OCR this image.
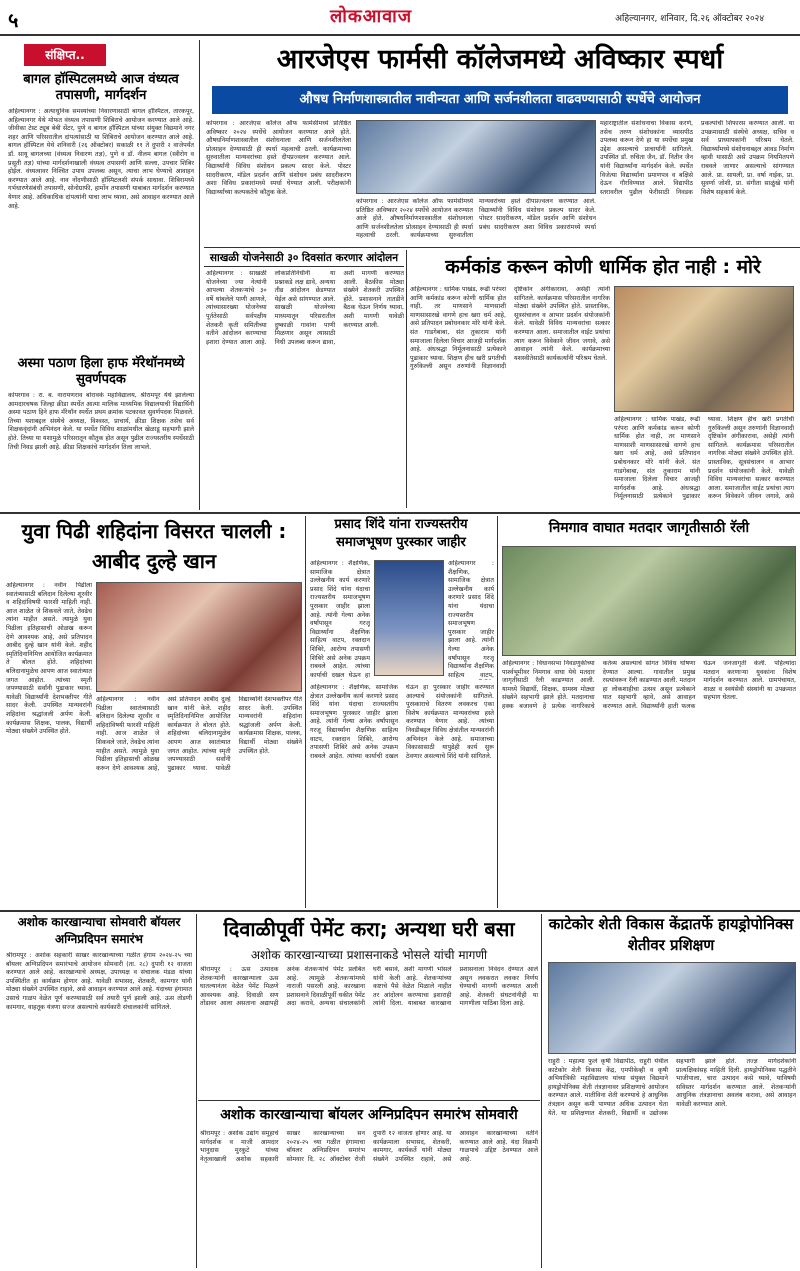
५	लोकआवाज	अहिल्यानगर, शनिवार, दि.२६ ऑक्टोबर २०२४
संक्षिप्त..
बागल हॉस्पिटलमध्ये आज वंध्यत्व तपासणी, मार्गदर्शन
अहिल्यानगर : अत्याधुनिक समस्यांच्या निवारणासाठी बागल हॉस्पिटल, तारकपूर, अहिल्यानगर येथे मोफत वंध्यत्व तपासणी शिबिराचे आयोजन करण्यात आले आहे. जीवीका टेस्ट ट्यूब बेबी सेंटर, पुणे व बागल हॉस्पिटल यांच्या संयुक्त विद्यमाने नगर शहर आणि परिसरातील दांपत्यांसाठी या शिबिराचे आयोजन करण्यात आले आहे. बागल हॉस्पिटल येथे शनिवारी (२६ ऑक्टोबर) सकाळी ११ ते दुपारी २ वाजेपर्यंत डॉ. सायू बागलच्या (वंध्यत्व निवारण तज्ञ), पुणे व डॉ. नीलम बागल (स्त्रीरोग व प्रसूती तज्ञ) यांच्या मार्गदर्शनाखाली वंध्यत्व तपासणी आणि सल्ला, उपचार शिबिर होईल. वंध्यत्वावर निश्चित उपाय उपलब्ध असून, त्याचा लाभ घेण्याचे आवाहन करण्यात आले आहे. नाव नोंदणीसाठी हॉस्पिटलशी संपर्क साधावा. शिबिरामध्ये गर्भधारणेसंबंधी तपासणी, सोनोग्राफी, हार्मोन तपासणी याबाबत मार्गदर्शन करण्यात येणार आहे. अधिकाधिक दांपत्यांनी याचा लाभ घ्यावा, असे आवाहन करण्यात आले आहे.
अस्मा पठाण हिला हाफ मॅरेथॉनमध्ये सुवर्णपदक
कोपरगाव : रा. ब. नारायणराव बोरावके महाविद्यालय, श्रीरामपूर येथे झालेल्या आमदारचषक जिल्हा क्रीडा स्पर्धेत आत्मा मालिक माध्यमिक विद्यालयाची विद्यार्थिनी अस्मा पठाण हिने हाफ मॅरेथॉन स्पर्धेत प्रथम क्रमांक पटकावत सुवर्णपदक मिळवले. तिच्या यशाबद्दल संस्थेचे अध्यक्ष, विश्वस्त, प्राचार्य, क्रीडा शिक्षक तसेच सर्व शिक्षकवृंदांनी अभिनंदन केले. या स्पर्धेत विविध शाळांमधील खेळाडू सहभागी झाले होते. तिच्या या यशामुळे परिसरातून कौतुक होत असून पुढील राज्यस्तरीय स्पर्धेसाठी तिची निवड झाली आहे. क्रीडा शिक्षकांचे मार्गदर्शन तिला लाभले.
आरजेएस फार्मसी कॉलेजमध्ये अविष्कार स्पर्धा
औषध निर्माणशास्त्रातील नावीन्यता आणि सर्जनशीलता वाढवण्यासाठी स्पर्धेचे आयोजन
कोपरगाव : आरजेएस कॉलेज ऑफ फार्मसीमध्ये प्रतिष्ठित अविष्कार २०२४ स्पर्धेचे आयोजन करण्यात आले होते. औषधनिर्माणशास्त्रातील संशोधनाला आणि सर्जनशीलतेला प्रोत्साहन देण्यासाठी ही स्पर्धा महत्वाची ठरली. कार्यक्रमाच्या सुरुवातीला मान्यवरांच्या हस्ते दीपप्रज्वलन करण्यात आले. विद्यार्थ्यांनी विविध संशोधन प्रकल्प सादर केले. पोस्टर सादरीकरण, मॉडेल प्रदर्शन आणि संशोधन प्रबंध सादरीकरण अशा विविध प्रकारांमध्ये स्पर्धा घेण्यात आली. परीक्षकांनी विद्यार्थ्यांच्या कल्पकतेचे कौतुक केले.
कोपरगाव : आरजेएस कॉलेज ऑफ फार्मसीमध्ये प्रतिष्ठित अविष्कार २०२४ स्पर्धेचे आयोजन करण्यात आले होते. औषधनिर्माणशास्त्रातील संशोधनाला आणि सर्जनशीलतेला प्रोत्साहन देण्यासाठी ही स्पर्धा महत्वाची ठरली. कार्यक्रमाच्या सुरुवातीला मान्यवरांच्या हस्ते दीपप्रज्वलन करण्यात आले. विद्यार्थ्यांनी विविध संशोधन प्रकल्प सादर केले. पोस्टर सादरीकरण, मॉडेल प्रदर्शन आणि संशोधन प्रबंध सादरीकरण अशा विविध प्रकारांमध्ये स्पर्धा
महाराष्ट्रातील संशोधनाचा विकास करणे, तसेच तरुण संशोधकांना व्यासपीठ उपलब्ध करून देणे हा या स्पर्धेचा प्रमुख उद्देश असल्याचे प्राचार्यांनी सांगितले. उपस्थित डॉ. रुचिता जैन, डॉ. नितीन जैन यांनी विद्यार्थ्यांना मार्गदर्शन केले. स्पर्धेत विजेत्या विद्यार्थ्यांना प्रमाणपत्र व बक्षिसे देऊन गौरविण्यात आले. विद्यापीठ स्तरावरील पुढील फेरीसाठी निवडक प्रकल्पांची शिफारस करण्यात आली. या उपक्रमासाठी संस्थेचे अध्यक्ष, सचिव व सर्व प्राध्यापकांनी परिश्रम घेतले. विद्यार्थ्यांमध्ये संशोधनाबद्दल आवड निर्माण व्हावी यासाठी असे उपक्रम नियमितपणे राबवले जाणार असल्याचे सांगण्यात आले. प्रा. सायली, प्रा. वर्षा नाईक, प्रा. सुवर्णा जोशी, प्रा. संगीता साळुंखे यांनी विशेष सहकार्य केले.
साखळी योजनेसाठी ३० दिवसांत करणार आंदोलन
अहिल्यानगर : साखळी योजनेच्या ज्या नेत्यांनी आपल्या शेतकऱ्यांचे ३० वर्षे थांबलेले पाणी आणले, त्यांच्यासारख्या योजनेच्या पूर्ततेसाठी सर्वपक्षीय शेतकरी कृती समितीच्या वतीने आंदोलन करण्याचा इशारा देण्यात आला आहे. लोकप्रतिनिधींनी या प्रश्नाकडे लक्ष द्यावे, अन्यथा तीव्र आंदोलन छेडण्यात येईल असे सांगण्यात आले. साखळी योजनेच्या माध्यमातून परिसरातील दुष्काळी गावांना पाणी मिळणार असून त्यासाठी निधी उपलब्ध करून द्यावा, अशी मागणी करण्यात आली. बैठकीस मोठ्या संख्येने शेतकरी उपस्थित होते. प्रशासनाने तातडीने बैठक घेऊन निर्णय घ्यावा, अशी मागणी यावेळी करण्यात आली.
कर्मकांड करून कोणी धार्मिक होत नाही : मोरे
अहिल्यानगर : धार्मिक पाखंड, रूढी परंपरा आणि कर्मकांड करून कोणी धार्मिक होत नाही, तर माणसाने माणसाशी माणसासारखे वागणे हाच खरा धर्म आहे, असे प्रतिपादन प्रबोधनकार मोरे यांनी केले. संत गाडगेबाबा, संत तुकाराम यांनी समाजाला दिलेला विचार आजही मार्गदर्शक आहे. अंधश्रद्धा निर्मूलनासाठी प्रत्येकाने पुढाकार घ्यावा. शिक्षण हीच खरी प्रगतीची गुरुकिल्ली असून तरुणांनी विज्ञानवादी दृष्टिकोन अंगीकारावा, असेही त्यांनी सांगितले. कार्यक्रमास परिसरातील नागरिक मोठ्या संख्येने उपस्थित होते. प्रास्ताविक, सूत्रसंचालन व आभार प्रदर्शन संयोजकांनी केले. यावेळी विविध मान्यवरांचा सत्कार करण्यात आला. समाजातील वाईट प्रथांचा त्याग करून विवेकाने जीवन जगावे, असे आवाहन त्यांनी केले. कार्यक्रमाच्या यशस्वीतेसाठी कार्यकर्त्यांनी परिश्रम घेतले.
अहिल्यानगर : धार्मिक पाखंड, रूढी परंपरा आणि कर्मकांड करून कोणी धार्मिक होत नाही, तर माणसाने माणसाशी माणसासारखे वागणे हाच खरा धर्म आहे, असे प्रतिपादन प्रबोधनकार मोरे यांनी केले. संत गाडगेबाबा, संत तुकाराम यांनी समाजाला दिलेला विचार आजही मार्गदर्शक आहे. अंधश्रद्धा निर्मूलनासाठी प्रत्येकाने पुढाकार घ्यावा. शिक्षण हीच खरी प्रगतीची गुरुकिल्ली असून तरुणांनी विज्ञानवादी दृष्टिकोन अंगीकारावा, असेही त्यांनी सांगितले. कार्यक्रमास परिसरातील नागरिक मोठ्या संख्येने उपस्थित होते. प्रास्ताविक, सूत्रसंचालन व आभार प्रदर्शन संयोजकांनी केले. यावेळी विविध मान्यवरांचा सत्कार करण्यात आला. समाजातील वाईट प्रथांचा त्याग करून विवेकाने जीवन जगावे, असे
युवा पिढी शहिदांना विसरत चालली : आबीद दुल्हे खान
अहिल्यानगर : नवीन पिढीला स्वातंत्र्यासाठी बलिदान दिलेल्या शूरवीर व शहिदांविषयी फारशी माहिती नाही. आज शाळेत जे शिकवले जाते, तेवढेच त्यांना माहीत असते. त्यामुळे युवा पिढीला इतिहासाची ओळख करून देणे आवश्यक आहे, असे प्रतिपादन आबीद दुल्हे खान यांनी केले. शहीद स्मृतिदिनानिमित्त आयोजित कार्यक्रमात ते बोलत होते. शहिदांच्या बलिदानामुळेच आपण आज स्वातंत्र्यात जगत आहोत. त्यांच्या स्मृती जपण्यासाठी सर्वांनी पुढाकार घ्यावा. यावेळी विद्यार्थ्यांनी देशभक्तीपर गीते सादर केली. उपस्थित मान्यवरांनी शहिदांना श्रद्धांजली अर्पण केली. कार्यक्रमास शिक्षक, पालक, विद्यार्थी मोठ्या संख्येने उपस्थित होते.
अहिल्यानगर : नवीन पिढीला स्वातंत्र्यासाठी बलिदान दिलेल्या शूरवीर व शहिदांविषयी फारशी माहिती नाही. आज शाळेत जे शिकवले जाते, तेवढेच त्यांना माहीत असते. त्यामुळे युवा पिढीला इतिहासाची ओळख करून देणे आवश्यक आहे, असे प्रतिपादन आबीद दुल्हे खान यांनी केले. शहीद स्मृतिदिनानिमित्त आयोजित कार्यक्रमात ते बोलत होते. शहिदांच्या बलिदानामुळेच आपण आज स्वातंत्र्यात जगत आहोत. त्यांच्या स्मृती जपण्यासाठी सर्वांनी पुढाकार घ्यावा. यावेळी विद्यार्थ्यांनी देशभक्तीपर गीते सादर केली. उपस्थित मान्यवरांनी शहिदांना श्रद्धांजली अर्पण केली. कार्यक्रमास शिक्षक, पालक, विद्यार्थी मोठ्या संख्येने उपस्थित होते.
प्रसाद शिंदे यांना राज्यस्तरीय समाजभूषण पुरस्कार जाहीर
अहिल्यानगर : शैक्षणिक, सामाजिक क्षेत्रात उल्लेखनीय कार्य करणारे प्रसाद शिंदे यांना यंदाचा राज्यस्तरीय समाजभूषण पुरस्कार जाहीर झाला आहे. त्यांनी गेल्या अनेक वर्षांपासून गरजू विद्यार्थ्यांना शैक्षणिक साहित्य वाटप, रक्तदान शिबिरे, आरोग्य तपासणी शिबिरे असे अनेक उपक्रम राबवले आहेत. त्यांच्या कार्याची दखल घेऊन हा
अहिल्यानगर : शैक्षणिक, सामाजिक क्षेत्रात उल्लेखनीय कार्य करणारे प्रसाद शिंदे यांना यंदाचा राज्यस्तरीय समाजभूषण पुरस्कार जाहीर झाला आहे. त्यांनी गेल्या अनेक वर्षांपासून गरजू विद्यार्थ्यांना शैक्षणिक साहित्य वाटप,
अहिल्यानगर : शैक्षणिक, सामाजिक क्षेत्रात उल्लेखनीय कार्य करणारे प्रसाद शिंदे यांना यंदाचा राज्यस्तरीय समाजभूषण पुरस्कार जाहीर झाला आहे. त्यांनी गेल्या अनेक वर्षांपासून गरजू विद्यार्थ्यांना शैक्षणिक साहित्य वाटप, रक्तदान शिबिरे, आरोग्य तपासणी शिबिरे असे अनेक उपक्रम राबवले आहेत. त्यांच्या कार्याची दखल घेऊन हा पुरस्कार जाहीर करण्यात आल्याचे संयोजकांनी सांगितले. पुरस्काराचे वितरण लवकरच एका विशेष कार्यक्रमात मान्यवरांच्या हस्ते करण्यात येणार आहे. त्यांच्या निवडीबद्दल विविध क्षेत्रांतील मान्यवरांनी अभिनंदन केले आहे. समाजाच्या विकासासाठी यापुढेही कार्य सुरू ठेवणार असल्याचे शिंदे यांनी सांगितले.
निमगाव वाघात मतदार जागृतीसाठी रॅली
अहिल्यानगर : विधानसभा निवडणुकीच्या पार्श्वभूमीवर निमगाव वाघा येथे मतदार जागृतीसाठी रॅली काढण्यात आली. यामध्ये विद्यार्थी, शिक्षक, ग्रामस्थ मोठ्या संख्येने सहभागी झाले होते. मतदानाचा हक्क बजावणे हे प्रत्येक नागरिकाचे कर्तव्य असल्याचे सांगत विविध घोषणा देण्यात आल्या. गावातील प्रमुख रस्त्यांवरून रॅली काढण्यात आली. मतदान हा लोकशाहीचा उत्सव असून प्रत्येकाने यात सहभागी व्हावे, असे आवाहन करण्यात आले. विद्यार्थ्यांनी हाती फलक घेऊन जनजागृती केली. पहिल्यांदा मतदान करणाऱ्या युवकांना विशेष मार्गदर्शन करण्यात आले. ग्रामपंचायत, शाळा व स्वयंसेवी संस्थांनी या उपक्रमात सहभाग घेतला.
अशोक कारखान्याचा सोमवारी बॉयलर अग्निप्रदिपन समारंभ
श्रीरामपूर : अशोक सहकारी साखर कारखान्याच्या गळीत हंगाम २०२४-२५ च्या बॉयलर अग्निप्रदिपन समारंभाचे आयोजन सोमवारी (ता. २८) दुपारी १२ वाजता करण्यात आले आहे. कारखान्याचे अध्यक्ष, उपाध्यक्ष व संचालक मंडळ यांच्या उपस्थितीत हा कार्यक्रम होणार आहे. यावेळी सभासद, शेतकरी, कामगार यांनी मोठ्या संख्येने उपस्थित राहावे, असे आवाहन करण्यात आले आहे. यंदाच्या हंगामात उसाचे गाळप वेळेत पूर्ण करण्यासाठी सर्व तयारी पूर्ण झाली आहे. ऊस तोडणी कामगार, वाहतूक यंत्रणा सज्ज असल्याचे कार्यकारी संचालकांनी सांगितले.
दिवाळीपूर्वी पेमेंट करा; अन्यथा घरी बसा
अशोक कारखान्याच्या प्रशासनाकडे भोसले यांची मागणी
श्रीरामपूर : ऊस उत्पादक शेतकऱ्यांनी कारखान्याला ऊस घातल्यानंतर वेळेत पेमेंट मिळणे आवश्यक आहे. दिवाळी सण तोंडावर आला असताना अद्यापही अनेक शेतकऱ्यांचे पेमेंट प्रलंबित आहे. त्यामुळे शेतकऱ्यांमध्ये नाराजी पसरली आहे. कारखाना प्रशासनाने दिवाळीपूर्वी थकीत पेमेंट अदा करावे, अन्यथा संचालकांनी घरी बसावे, अशी मागणी भोसले यांनी केली आहे. शेतकऱ्यांच्या कष्टाचे पैसे वेळेत मिळाले नाहीत तर आंदोलन करण्याचा इशाराही त्यांनी दिला. याबाबत कारखाना प्रशासनाला निवेदन देण्यात आले असून लवकरात लवकर निर्णय घेण्याची मागणी करण्यात आली आहे. शेतकरी संघटनांनीही या मागणीला पाठिंबा दिला आहे.
अशोक कारखान्याचा बॉयलर अग्निप्रदिपन समारंभ सोमवारी
श्रीरामपूर : अशोक उद्योग समूहाचे मार्गदर्शक व माजी आमदार भानुदास मुरकुटे यांच्या नेतृत्वाखाली अशोक सहकारी साखर कारखान्याच्या सन २०२४-२५ च्या गळीत हंगामाचा बॉयलर अग्निप्रदिपन समारंभ सोमवार दि. २८ ऑक्टोबर रोजी दुपारी १२ वाजता होणार आहे. या कार्यक्रमाला सभासद, शेतकरी, कामगार, कार्यकर्ते यांनी मोठ्या संख्येने उपस्थित राहावे, असे आवाहन कारखान्याच्या वतीने करण्यात आले आहे. यंदा विक्रमी गाळपाचे उद्दिष्ट ठेवण्यात आले आहे.
काटेकोर शेती विकास केंद्रातर्फे हायड्रोपोनिक्स शेतीवर प्रशिक्षण
राहुरी : महात्मा फुले कृषी विद्यापीठ, राहुरी येथील काटेकोर शेती विकास केंद्र, एमपीकेव्ही व कृषी अभियांत्रिकी महाविद्यालय यांच्या संयुक्त विद्यमाने हायड्रोपोनिक्स शेती तंत्रज्ञानावर प्रशिक्षणाचे आयोजन करण्यात आले. मातीविना शेती करण्याचे हे आधुनिक तंत्रज्ञान असून कमी पाण्यात अधिक उत्पादन घेता येते. या प्रशिक्षणात शेतकरी, विद्यार्थी व उद्योजक सहभागी झाले होते. तज्ज्ञ मार्गदर्शकांनी प्रात्यक्षिकांसह माहिती दिली. हायड्रोपोनिक्स पद्धतीने भाजीपाला, चारा उत्पादन कसे घ्यावे, याविषयी सविस्तर मार्गदर्शन करण्यात आले. शेतकऱ्यांनी आधुनिक तंत्रज्ञानाचा अवलंब करावा, असे आवाहन यावेळी करण्यात आले.
